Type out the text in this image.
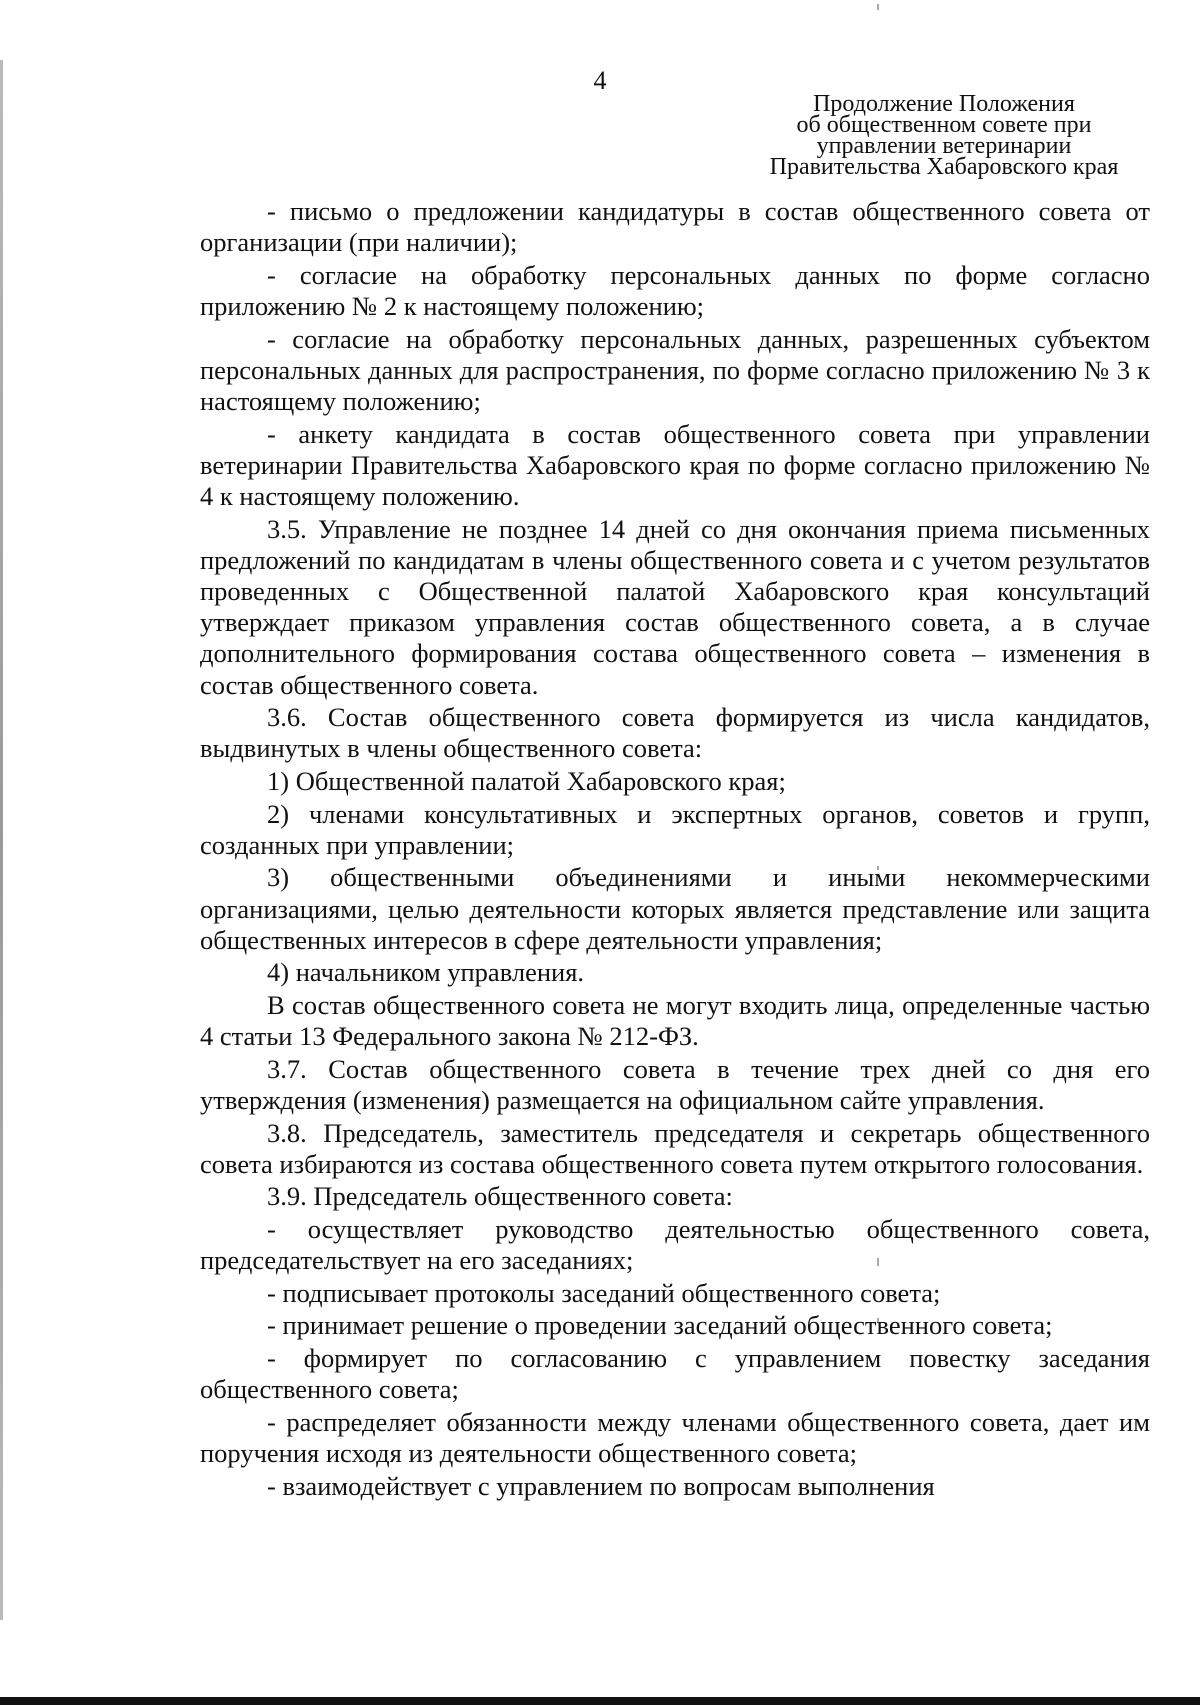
4
Продолжение Положения
об общественном совете при
управлении ветеринарии
Правительства Хабаровского края

- письмо о предложении кандидатуры в состав общественного совета от организации (при наличии);

- согласие на обработку персональных данных по форме согласно приложению № 2 к настоящему положению;

- согласие на обработку персональных данных, разрешенных субъектом персональных данных для распространения, по форме согласно приложению № 3 к настоящему положению;

- анкету кандидата в состав общественного совета при управлении ветеринарии Правительства Хабаровского края по форме согласно приложению № 4 к настоящему положению.

3.5. Управление не позднее 14 дней со дня окончания приема письменных предложений по кандидатам в члены общественного совета и с учетом результатов проведенных с Общественной палатой Хабаровского края консультаций утверждает приказом управления состав общественного совета, а в случае дополнительного формирования состава общественного совета – изменения в состав общественного совета.

3.6. Состав общественного совета формируется из числа кандидатов, выдвинутых в члены общественного совета:

1) Общественной палатой Хабаровского края;

2) членами консультативных и экспертных органов, советов и групп, созданных при управлении;

3) общественными объединениями и иными некоммерческими организациями, целью деятельности которых является представление или защита общественных интересов в сфере деятельности управления;

4) начальником управления.

В состав общественного совета не могут входить лица, определенные частью 4 статьи 13 Федерального закона № 212-ФЗ.

3.7. Состав общественного совета в течение трех дней со дня его утверждения (изменения) размещается на официальном сайте управления.

3.8. Председатель, заместитель председателя и секретарь общественного совета избираются из состава общественного совета путем открытого голосования.

3.9. Председатель общественного совета:

- осуществляет руководство деятельностью общественного совета, председательствует на его заседаниях;

- подписывает протоколы заседаний общественного совета;

- принимает решение о проведении заседаний общественного совета;

- формирует по согласованию с управлением повестку заседания общественного совета;

- распределяет обязанности между членами общественного совета, дает им поручения исходя из деятельности общественного совета;

- взаимодействует с управлением по вопросам выполнения
